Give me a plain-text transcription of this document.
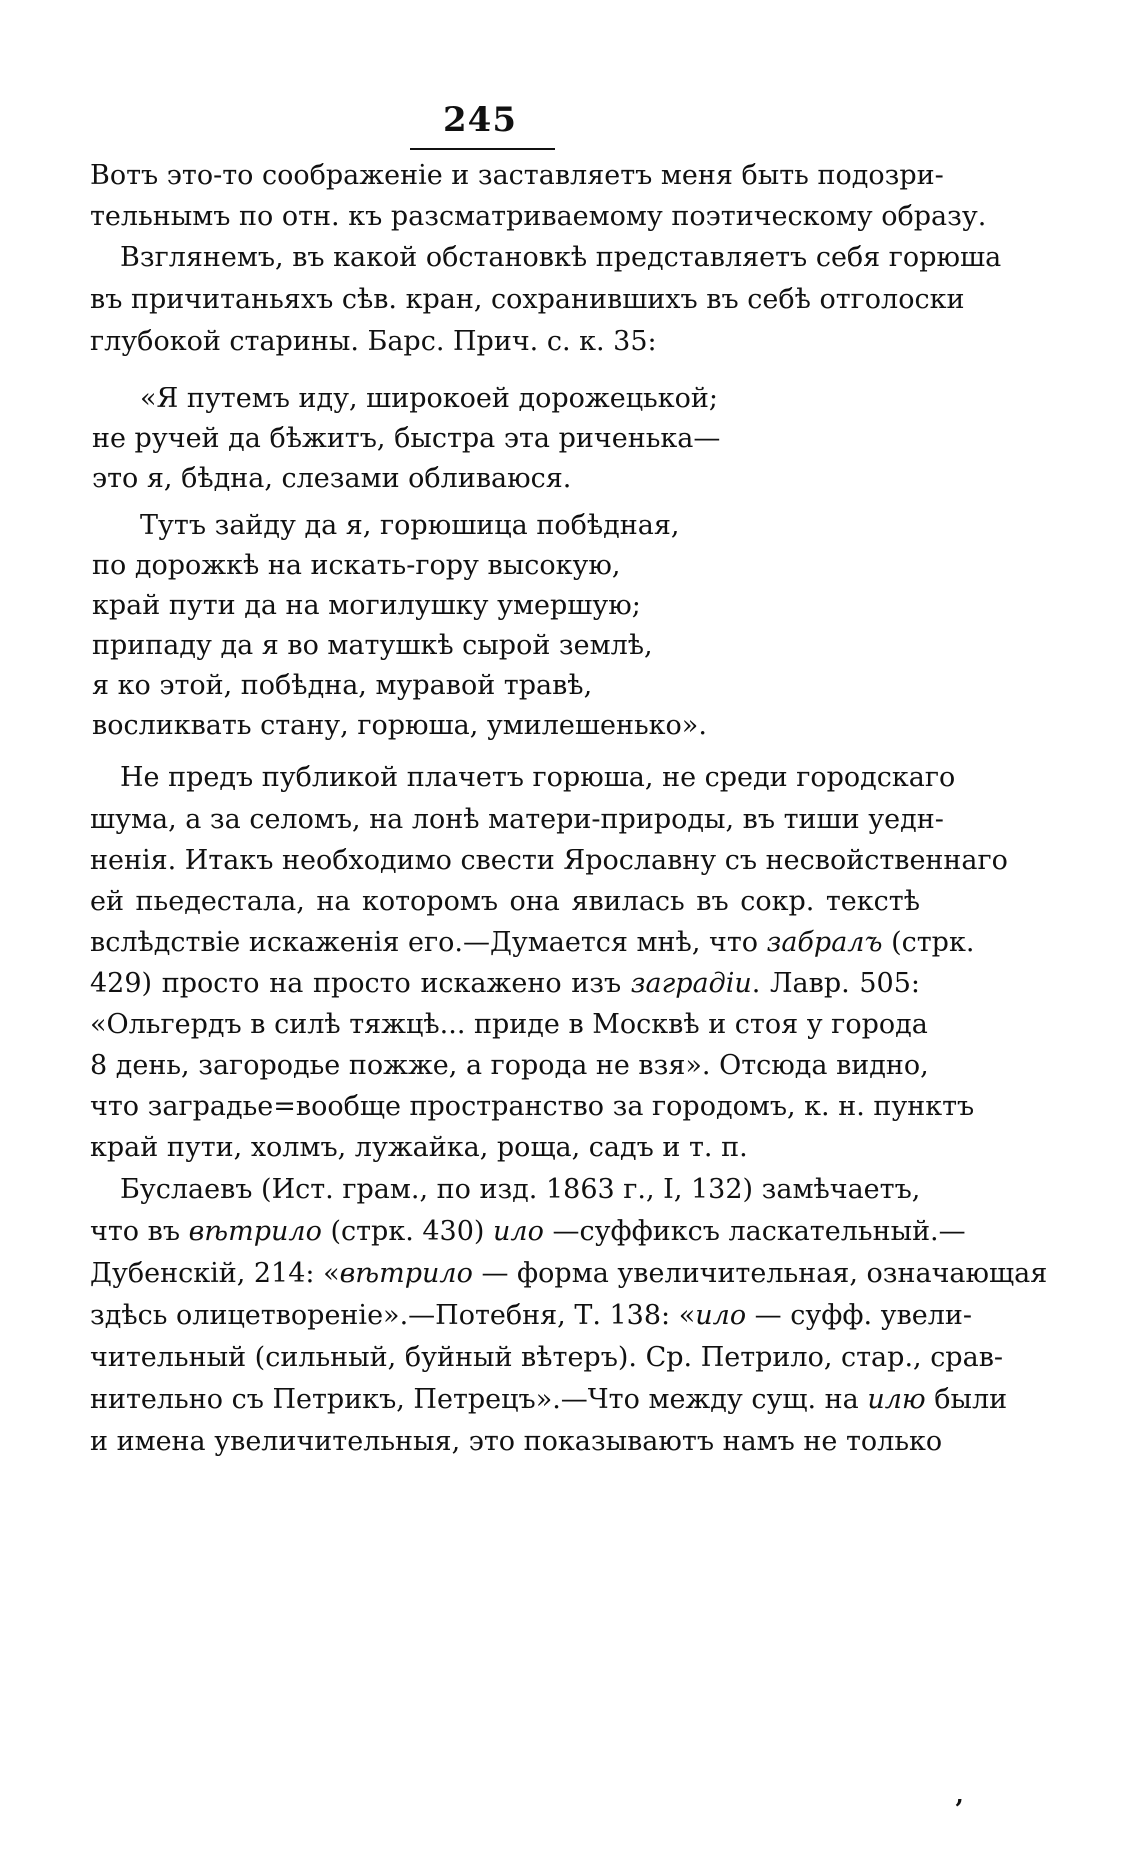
245
Вотъ это-то соображеніе и заставляетъ меня быть подозри-
тельнымъ по отн. къ разсматриваемому поэтическому образу.
Взглянемъ, въ какой обстановкѣ представляетъ себя горюша
въ причитаньяхъ сѣв. кран, сохранившихъ въ себѣ отголоски
глубокой старины. Барс. Прич. с. к. 35:
«Я путемъ иду, широкоей дорожецькой;
не ручей да бѣжитъ, быстра эта риченька—
это я, бѣдна, слезами обливаюся.
Тутъ зайду да я, горюшица побѣдная,
по дорожкѣ на искать-гору высокую,
край пути да на могилушку умершую;
припаду да я во матушкѣ сырой землѣ,
я ко этой, побѣдна, муравой травѣ,
восликвать стану, горюша, умилешенько».
Не предъ публикой плачетъ горюша, не среди городскаго
шума, а за селомъ, на лонѣ матери-природы, въ тиши уедн-
ненія. Итакъ необходимо свести Ярославну съ несвойственнаго
ей пьедестала, на которомъ она явилась въ сокр. текстѣ
вслѣдствіе искаженія его.—Думается мнѣ, что забралъ (стрк.
429) просто на просто искажено изъ заградіи. Лавр. 505:
«Ольгердъ в силѣ тяжцѣ... приде в Москвѣ и стоя у города
8 день, загородье пожже, а города не взя». Отсюда видно,
что заградье=вообще пространство за городомъ, к. н. пунктъ
край пути, холмъ, лужайка, роща, садъ и т. п.
Буслаевъ (Ист. грам., по изд. 1863 г., I, 132) замѣчаетъ,
что въ вѣтрило (стрк. 430) ило —суффиксъ ласкательный.—
Дубенскій, 214: «вѣтрило — форма увеличительная, означающая
здѣсь олицетвореніе».—Потебня, Т. 138: «ило — суфф. увели-
чительный (сильный, буйный вѣтеръ). Ср. Петрило, стар., срав-
нительно съ Петрикъ, Петрецъ».—Что между сущ. на илю были
и имена увеличительныя, это показываютъ намъ не только
‚
